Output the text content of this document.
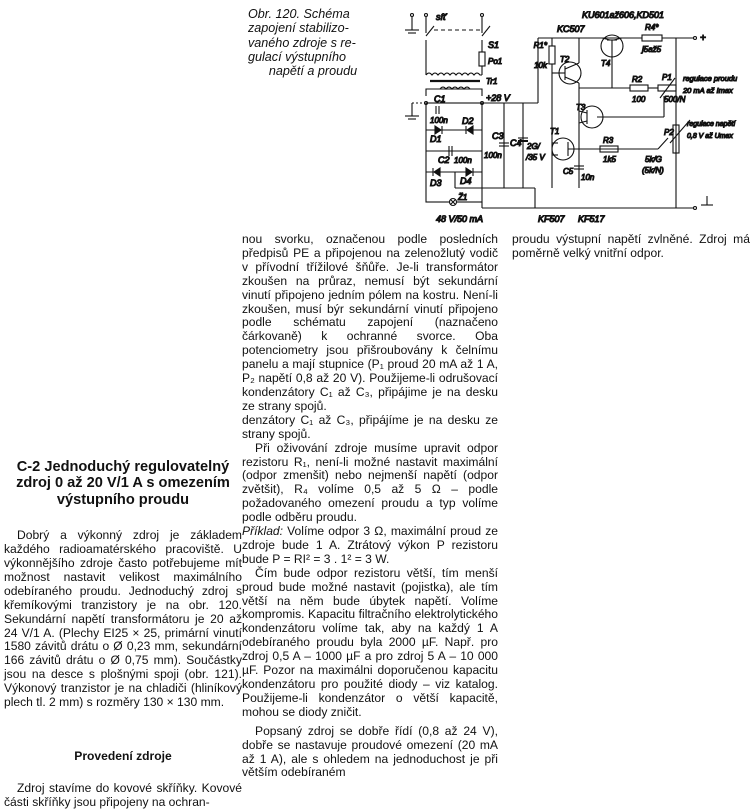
Obr. 120. Schéma
zapojení stabilizo-
vaného zdroje s re-
gulací výstupního
napětí a proudu
síť
S1
Po1
Tr1
C1
100n D2
D1
C2 100n
D3 D4
Ž1
48 V/50 mA
+28 V
C3
100n
C4 2G/
/35 V
R1*
10k
T2	T4
KC507
KU601až606,KD501
R4*
j5až5
+
R2
100
P1
500/N
regulace proudu
20 mA až Imax
T3
T1
R3
1k5
C5
10n
P2
5k/G
(5k/N)
regulace napětí
0,8 V až Umax
KF507 KF517

C-2 Jednoduchý regulovatelný zdroj 0 až 20 V/1 A s omezením výstupního proudu

Dobrý a výkonný zdroj je základem každého radioamatérského pracoviště. U výkonnějšího zdroje často potřebujeme mít možnost nastavit velikost maximálního odebíraného proudu. Jednoduchý zdroj s křemíkovými tranzistory je na obr. 120. Sekundární napětí transformátoru je 20 až 24 V/1 A. (Plechy EI25 × 25, primární vinutí 1580 závitů drátu o Ø 0,23 mm, sekundární 166 závitů drátu o Ø 0,75 mm). Součástky jsou na desce s plošnými spoji (obr. 121). Výkonový tranzistor je na chladiči (hliníkový plech tl. 2 mm) s rozměry 130 × 130 mm.

Provedení zdroje

Zdroj stavíme do kovové skříňky. Kovové části skříňky jsou připojeny na ochran-

nou svorku, označenou podle posledních předpisů PE a připojenou na zelenožlutý vodič v přívodní třížilové šňůře. Je-li transformátor zkoušen na průraz, nemusí být sekundární vinutí připojeno jedním pólem na kostru. Není-li zkoušen, musí býr sekundární vinutí připojeno podle schématu zapojení (naznačeno čárkovaně) k ochranné svorce. Oba potenciometry jsou přišroubovány k čelnímu panelu a mají stupnice (P₁ proud 20 mA až 1 A, P₂ napětí 0,8 až 20 V). Použijeme-li odrušovací kondenzátory C₁ až C₃, připájime je na desku ze strany spojů.

denzátory C₁ až C₃, připájíme je na desku ze strany spojů.

Při oživování zdroje musíme upravit odpor rezistoru R₁, není-li možné nastavit maximální (odpor zmenšit) nebo nejmenší napětí (odpor zvětšit), R₄ volíme 0,5 až 5 Ω – podle požadovaného omezení proudu a typ volíme podle odběru proudu.

Příklad: Volíme odpor 3 Ω, maximální proud ze zdroje bude 1 A. Ztrátový výkon P rezistoru bude P = RI² = 3 . 1² = 3 W.

Čím bude odpor rezistoru větší, tím menší proud bude možné nastavit (pojistka), ale tím větší na něm bude úbytek napětí. Volíme kompromis. Kapacitu filtračního elektrolytického kondenzátoru volíme tak, aby na každý 1 A odebíraného proudu byla 2000 µF. Např. pro zdroj 0,5 A – 1000 µF a pro zdroj 5 A – 10 000 µF. Pozor na maximálni doporučenou kapacitu kondenzátoru pro použité diody – viz katalog. Použijeme-li kondenzátor o větší kapacitě, mohou se diody zničit.

Popsaný zdroj se dobře řídí (0,8 až 24 V), dobře se nastavuje proudové omezení (20 mA až 1 A), ale s ohledem na jednoduchost je při větším odebíraném

proudu výstupní napětí zvlněné. Zdroj má poměrně velký vnitřní odpor.
